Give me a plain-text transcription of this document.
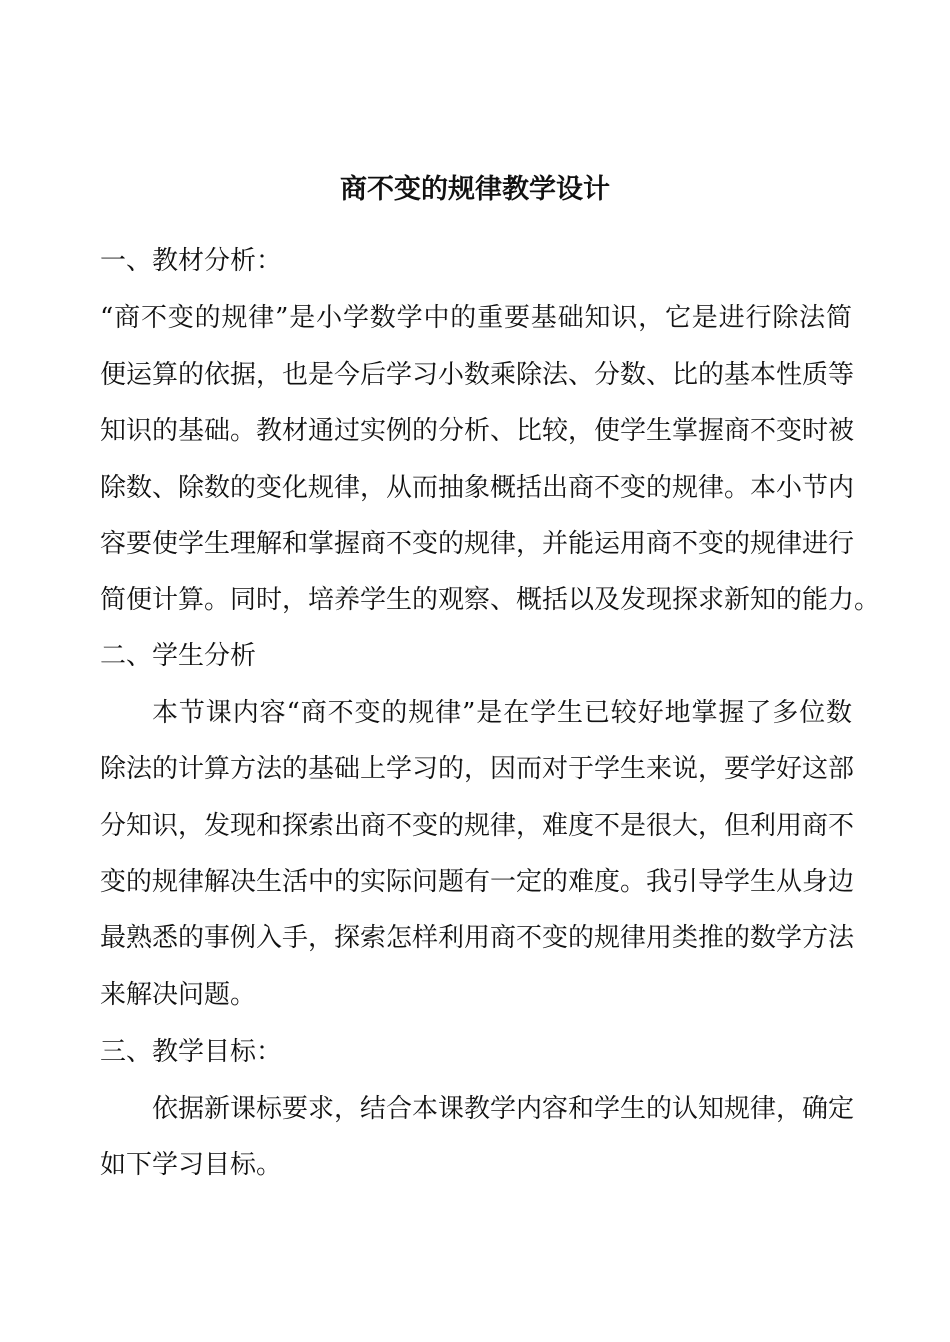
商不变的规律教学设计
一、教材分析：
“商不变的规律”是小学数学中的重要基础知识，它是进行除法简
便运算的依据，也是今后学习小数乘除法、分数、比的基本性质等
知识的基础。教材通过实例的分析、比较，使学生掌握商不变时被
除数、除数的变化规律，从而抽象概括出商不变的规律。本小节内
容要使学生理解和掌握商不变的规律，并能运用商不变的规律进行
简便计算。同时，培养学生的观察、概括以及发现探求新知的能力。
二、学生分析
本节课内容“商不变的规律”是在学生已较好地掌握了多位数
除法的计算方法的基础上学习的，因而对于学生来说，要学好这部
分知识，发现和探索出商不变的规律，难度不是很大，但利用商不
变的规律解决生活中的实际问题有一定的难度。我引导学生从身边
最熟悉的事例入手，探索怎样利用商不变的规律用类推的数学方法
来解决问题。
三、教学目标：
依据新课标要求，结合本课教学内容和学生的认知规律，确定
如下学习目标。
